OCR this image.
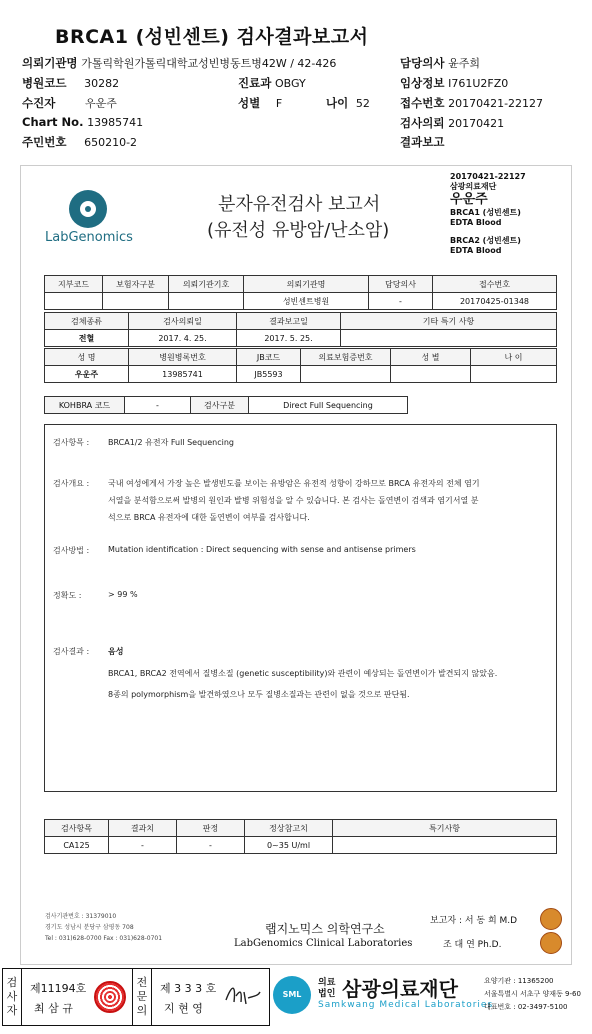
BRCA1 (성빈센트) 검사결과보고서
의뢰기관명 가톨릭학원가톨릭대학교성빈병동트병42W / 42-426	담당의사 윤주희
병원코드 30282	진료과 OBGY	임상정보 I761U2FZ0
수진자	우운주	성별 F	나이 52	접수번호 20170421-22127
Chart No. 13985741	검사의뢰 20170421
주민번호 650210-2	결과보고
LabGenomics
분자유전검사 보고서
(유전성 유방암/난소암)
20170421-22127
삼광의료재단
우운주
BRCA1 (성빈센트)
EDTA Blood
BRCA2 (성빈센트)
EDTA Blood
지부코드	보험자구분	의뢰기관기호	의뢰기관명	담당의사	접수번호
			성빈센트병원	-	20170425-01348
검체종류	검사의뢰일	결과보고일	기타 특기 사항
전혈	2017. 4. 25.	2017. 5. 25.	
성 명	병원병록번호	JB코드	의료보험증번호	성 별	나 이
우운주	13985741	JB5593			
KOHBRA 코드	-	검사구분	Direct Full Sequencing
검사항목 : BRCA1/2 유전자 Full Sequencing
검사개요 : 국내 여성에게서 가장 높은 발생빈도를 보이는 유방암은 유전적 성향이 강하므로 BRCA 유전자의 전체 염기
서열을 분석함으로써 발병의 원인과 발병 위험성을 알 수 있습니다. 본 검사는 돌연변이 검색과 염기서열 분
석으로 BRCA 유전자에 대한 돌연변이 여부를 검사합니다.
검사방법 : Mutation identification : Direct sequencing with sense and antisense primers
정확도 :	> 99 %
검사결과 : 음성
BRCA1, BRCA2 전역에서 질병소질 (genetic susceptibility)와 관련이 예상되는 돌연변이가 발견되지 않았음.
8종의 polymorphism을 발견하였으나 모두 질병소질과는 관련이 없을 것으로 판단됨.
검사항목	결과치	판정	정상참고치	특기사항
CA125	-	-	0~35 U/ml	
검사기관번호 : 31379010
경기도 성남시 분당구 삼평동 708
Tel : 031)628-0700 Fax : 031)628-0701
랩지노믹스 의학연구소
LabGenomics Clinical Laboratories
보고자 : 서 동 희 M.D
조 대 연 Ph.D.
검사자
제11194호
최 삼 규
전문의
제 3 3 3 호
지 현 영
SML
의료
법인 삼광의료재단
Samkwang Medical Laboratories
요양기관 : 11365200
서울특별시 서초구 양재동 9-60
대표번호 : 02-3497-5100
